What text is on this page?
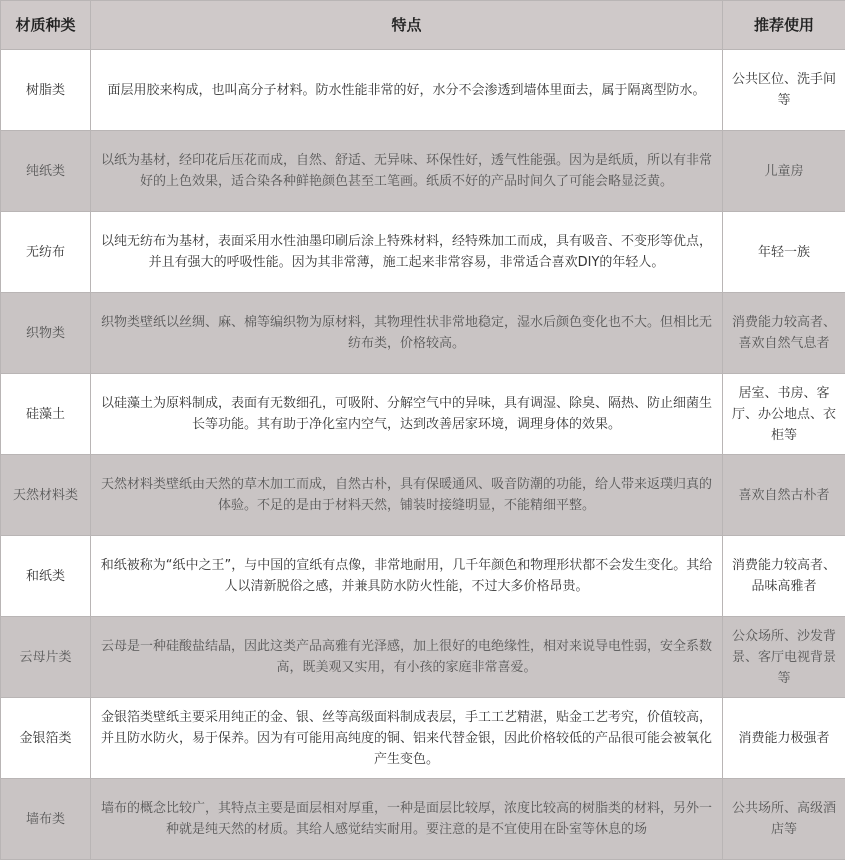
材质种类	特点	推荐使用
树脂类	面层用胶来构成，也叫高分子材料。防水性能非常的好，水分不会渗透到墙体里面去，属于隔离型防水。	公共区位、洗手间等
纯纸类	以纸为基材，经印花后压花而成，自然、舒适、无异味、环保性好，透气性能强。因为是纸质，所以有非常好的上色效果，适合染各种鲜艳颜色甚至工笔画。纸质不好的产品时间久了可能会略显泛黄。	儿童房
无纺布	以纯无纺布为基材，表面采用水性油墨印刷后涂上特殊材料，经特殊加工而成，具有吸音、不变形等优点，并且有强大的呼吸性能。因为其非常薄，施工起来非常容易，非常适合喜欢DIY的年轻人。	年轻一族
织物类	织物类壁纸以丝绸、麻、棉等编织物为原材料，其物理性状非常地稳定，湿水后颜色变化也不大。但相比无纺布类，价格较高。	消费能力较高者、喜欢自然气息者
硅藻土	以硅藻土为原料制成，表面有无数细孔，可吸附、分解空气中的异味，具有调湿、除臭、隔热、防止细菌生长等功能。其有助于净化室内空气，达到改善居家环境，调理身体的效果。	居室、书房、客厅、办公地点、衣柜等
天然材料类	天然材料类壁纸由天然的草木加工而成，自然古朴，具有保暖通风、吸音防潮的功能，给人带来返璞归真的体验。不足的是由于材料天然，铺装时接缝明显，不能精细平整。	喜欢自然古朴者
和纸类	和纸被称为“纸中之王”，与中国的宣纸有点像，非常地耐用，几千年颜色和物理形状都不会发生变化。其给人以清新脱俗之感，并兼具防水防火性能，不过大多价格昂贵。	消费能力较高者、品味高雅者
云母片类	云母是一种硅酸盐结晶，因此这类产品高雅有光泽感，加上很好的电绝缘性，相对来说导电性弱，安全系数高，既美观又实用，有小孩的家庭非常喜爱。	公众场所、沙发背景、客厅电视背景等
金银箔类	金银箔类壁纸主要采用纯正的金、银、丝等高级面料制成表层，手工工艺精湛，贴金工艺考究，价值较高，并且防水防火，易于保养。因为有可能用高纯度的铜、铝来代替金银，因此价格较低的产品很可能会被氧化产生变色。	消费能力极强者
墙布类	墙布的概念比较广，其特点主要是面层相对厚重，一种是面层比较厚，浓度比较高的树脂类的材料，另外一种就是纯天然的材质。其给人感觉结实耐用。要注意的是不宜使用在卧室等休息的场	公共场所、高级酒店等
